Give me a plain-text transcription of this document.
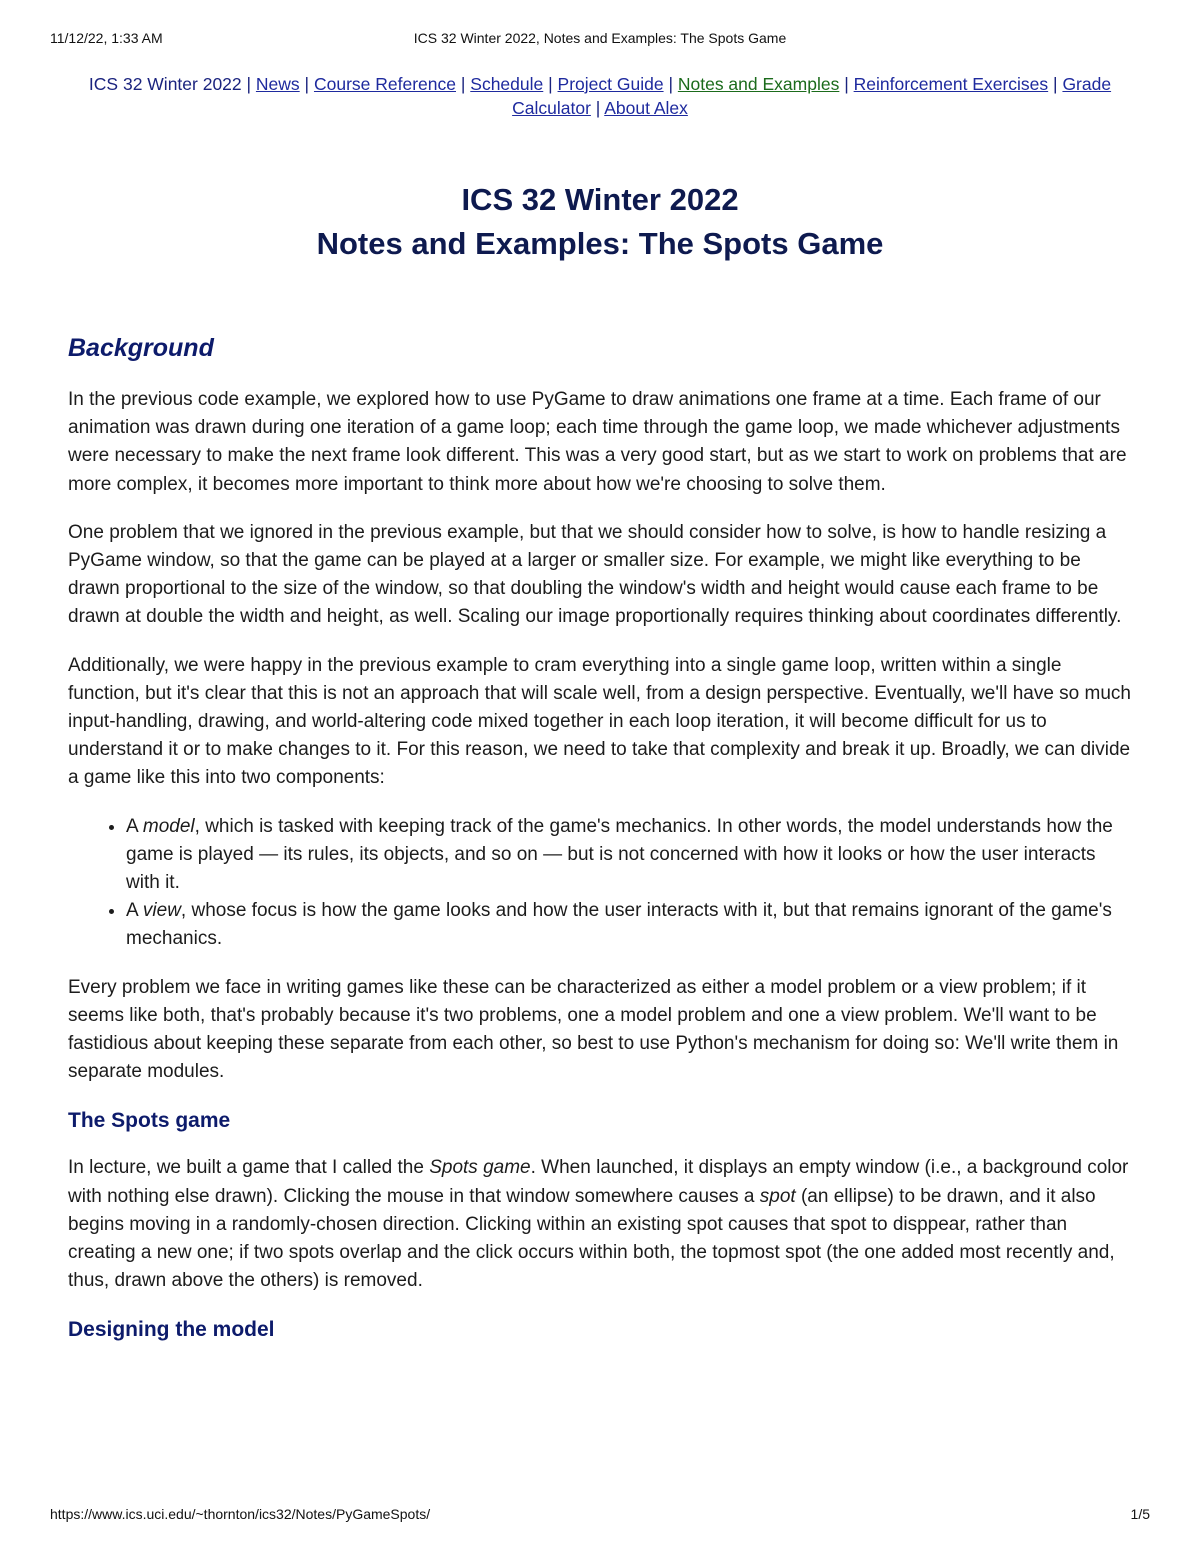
11/12/22, 1:33 AM	ICS 32 Winter 2022, Notes and Examples: The Spots Game
ICS 32 Winter 2022 | News | Course Reference | Schedule | Project Guide | Notes and Examples | Reinforcement Exercises | Grade Calculator | About Alex
ICS 32 Winter 2022
Notes and Examples: The Spots Game
Background

In the previous code example, we explored how to use PyGame to draw animations one frame at a time. Each frame of our animation was drawn during one iteration of a game loop; each time through the game loop, we made whichever adjustments were necessary to make the next frame look different. This was a very good start, but as we start to work on problems that are more complex, it becomes more important to think more about how we're choosing to solve them.

One problem that we ignored in the previous example, but that we should consider how to solve, is how to handle resizing a PyGame window, so that the game can be played at a larger or smaller size. For example, we might like everything to be drawn proportional to the size of the window, so that doubling the window's width and height would cause each frame to be drawn at double the width and height, as well. Scaling our image proportionally requires thinking about coordinates differently.

Additionally, we were happy in the previous example to cram everything into a single game loop, written within a single function, but it's clear that this is not an approach that will scale well, from a design perspective. Eventually, we'll have so much input-handling, drawing, and world-altering code mixed together in each loop iteration, it will become difficult for us to understand it or to make changes to it. For this reason, we need to take that complexity and break it up. Broadly, we can divide a game like this into two components:

• A model, which is tasked with keeping track of the game's mechanics. In other words, the model understands how the game is played — its rules, its objects, and so on — but is not concerned with how it looks or how the user interacts with it.
• A view, whose focus is how the game looks and how the user interacts with it, but that remains ignorant of the game's mechanics.

Every problem we face in writing games like these can be characterized as either a model problem or a view problem; if it seems like both, that's probably because it's two problems, one a model problem and one a view problem. We'll want to be fastidious about keeping these separate from each other, so best to use Python's mechanism for doing so: We'll write them in separate modules.

The Spots game

In lecture, we built a game that I called the Spots game. When launched, it displays an empty window (i.e., a background color with nothing else drawn). Clicking the mouse in that window somewhere causes a spot (an ellipse) to be drawn, and it also begins moving in a randomly-chosen direction. Clicking within an existing spot causes that spot to disppear, rather than creating a new one; if two spots overlap and the click occurs within both, the topmost spot (the one added most recently and, thus, drawn above the others) is removed.

Designing the model
https://www.ics.uci.edu/~thornton/ics32/Notes/PyGameSpots/	1/5
